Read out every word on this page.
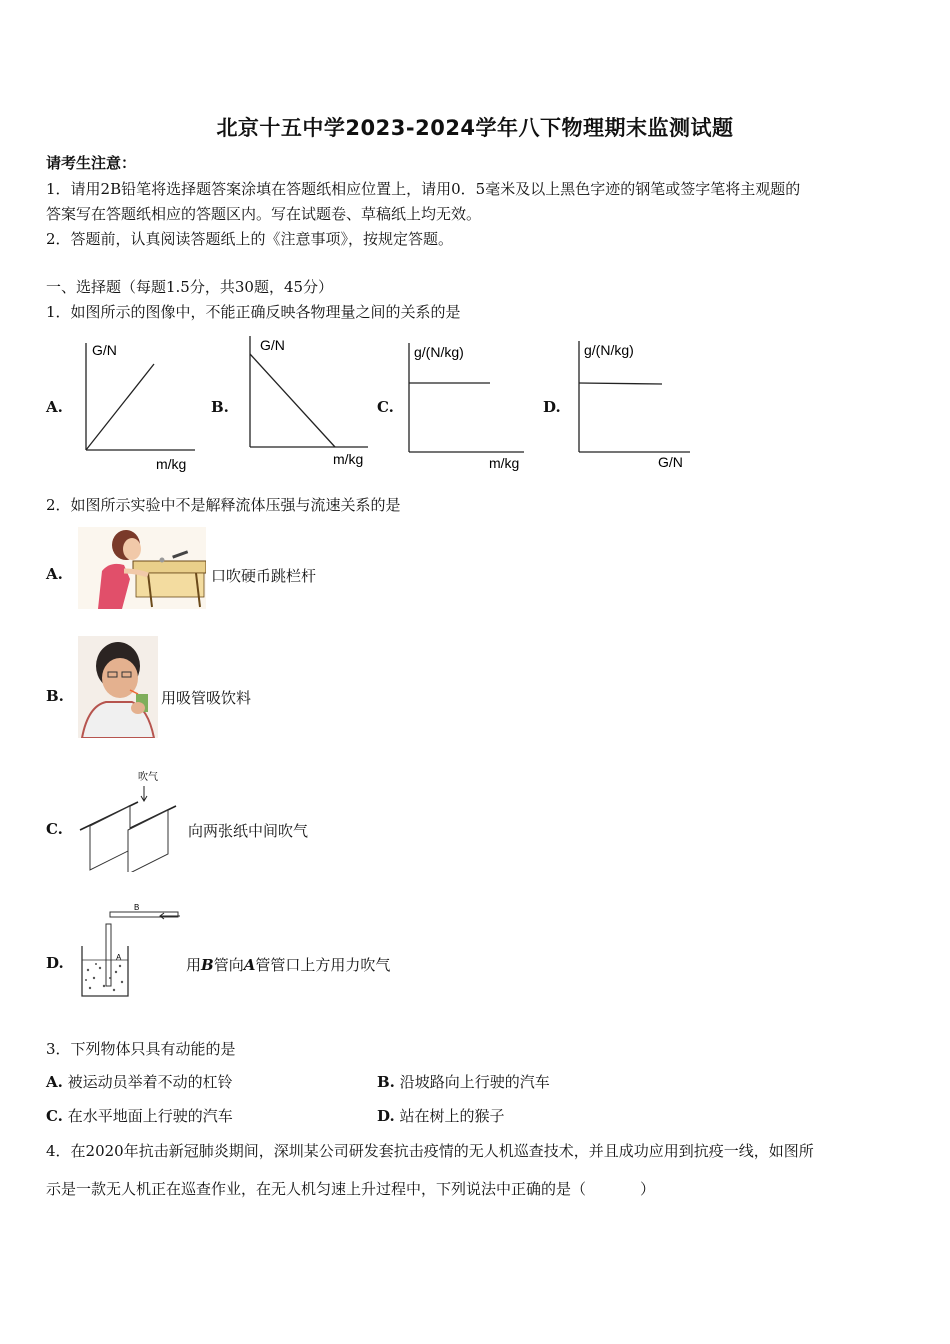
北京十五中学2023-2024学年八下物理期末监测试题
请考生注意：
1．请用2B铅笔将选择题答案涂填在答题纸相应位置上，请用0．5毫米及以上黑色字迹的钢笔或签字笔将主观题的
答案写在答题纸相应的答题区内。写在试题卷、草稿纸上均无效。
2．答题前，认真阅读答题纸上的《注意事项》，按规定答题。
一、选择题（每题1.5分，共30题，45分）
1．如图所示的图像中，不能正确反映各物理量之间的关系的是
A.
G/N
m/kg
B.
G/N
m/kg
C.
g/(N/kg)
m/kg
D.
g/(N/kg)
G/N
2．如图所示实验中不是解释流体压强与流速关系的是
A.	口吹硬币跳栏杆
B.	用吸管吸饮料
C.
吹气
向两张纸中间吹气
D.
B
A	用B管向A管管口上方用力吹气
3．下列物体只具有动能的是
A. 被运动员举着不动的杠铃	B. 沿坡路向上行驶的汽车
C. 在水平地面上行驶的汽车	D. 站在树上的猴子
4．在2020年抗击新冠肺炎期间，深圳某公司研发套抗击疫情的无人机巡查技术，并且成功应用到抗疫一线，如图所
示是一款无人机正在巡查作业，在无人机匀速上升过程中，下列说法中正确的是（	）
